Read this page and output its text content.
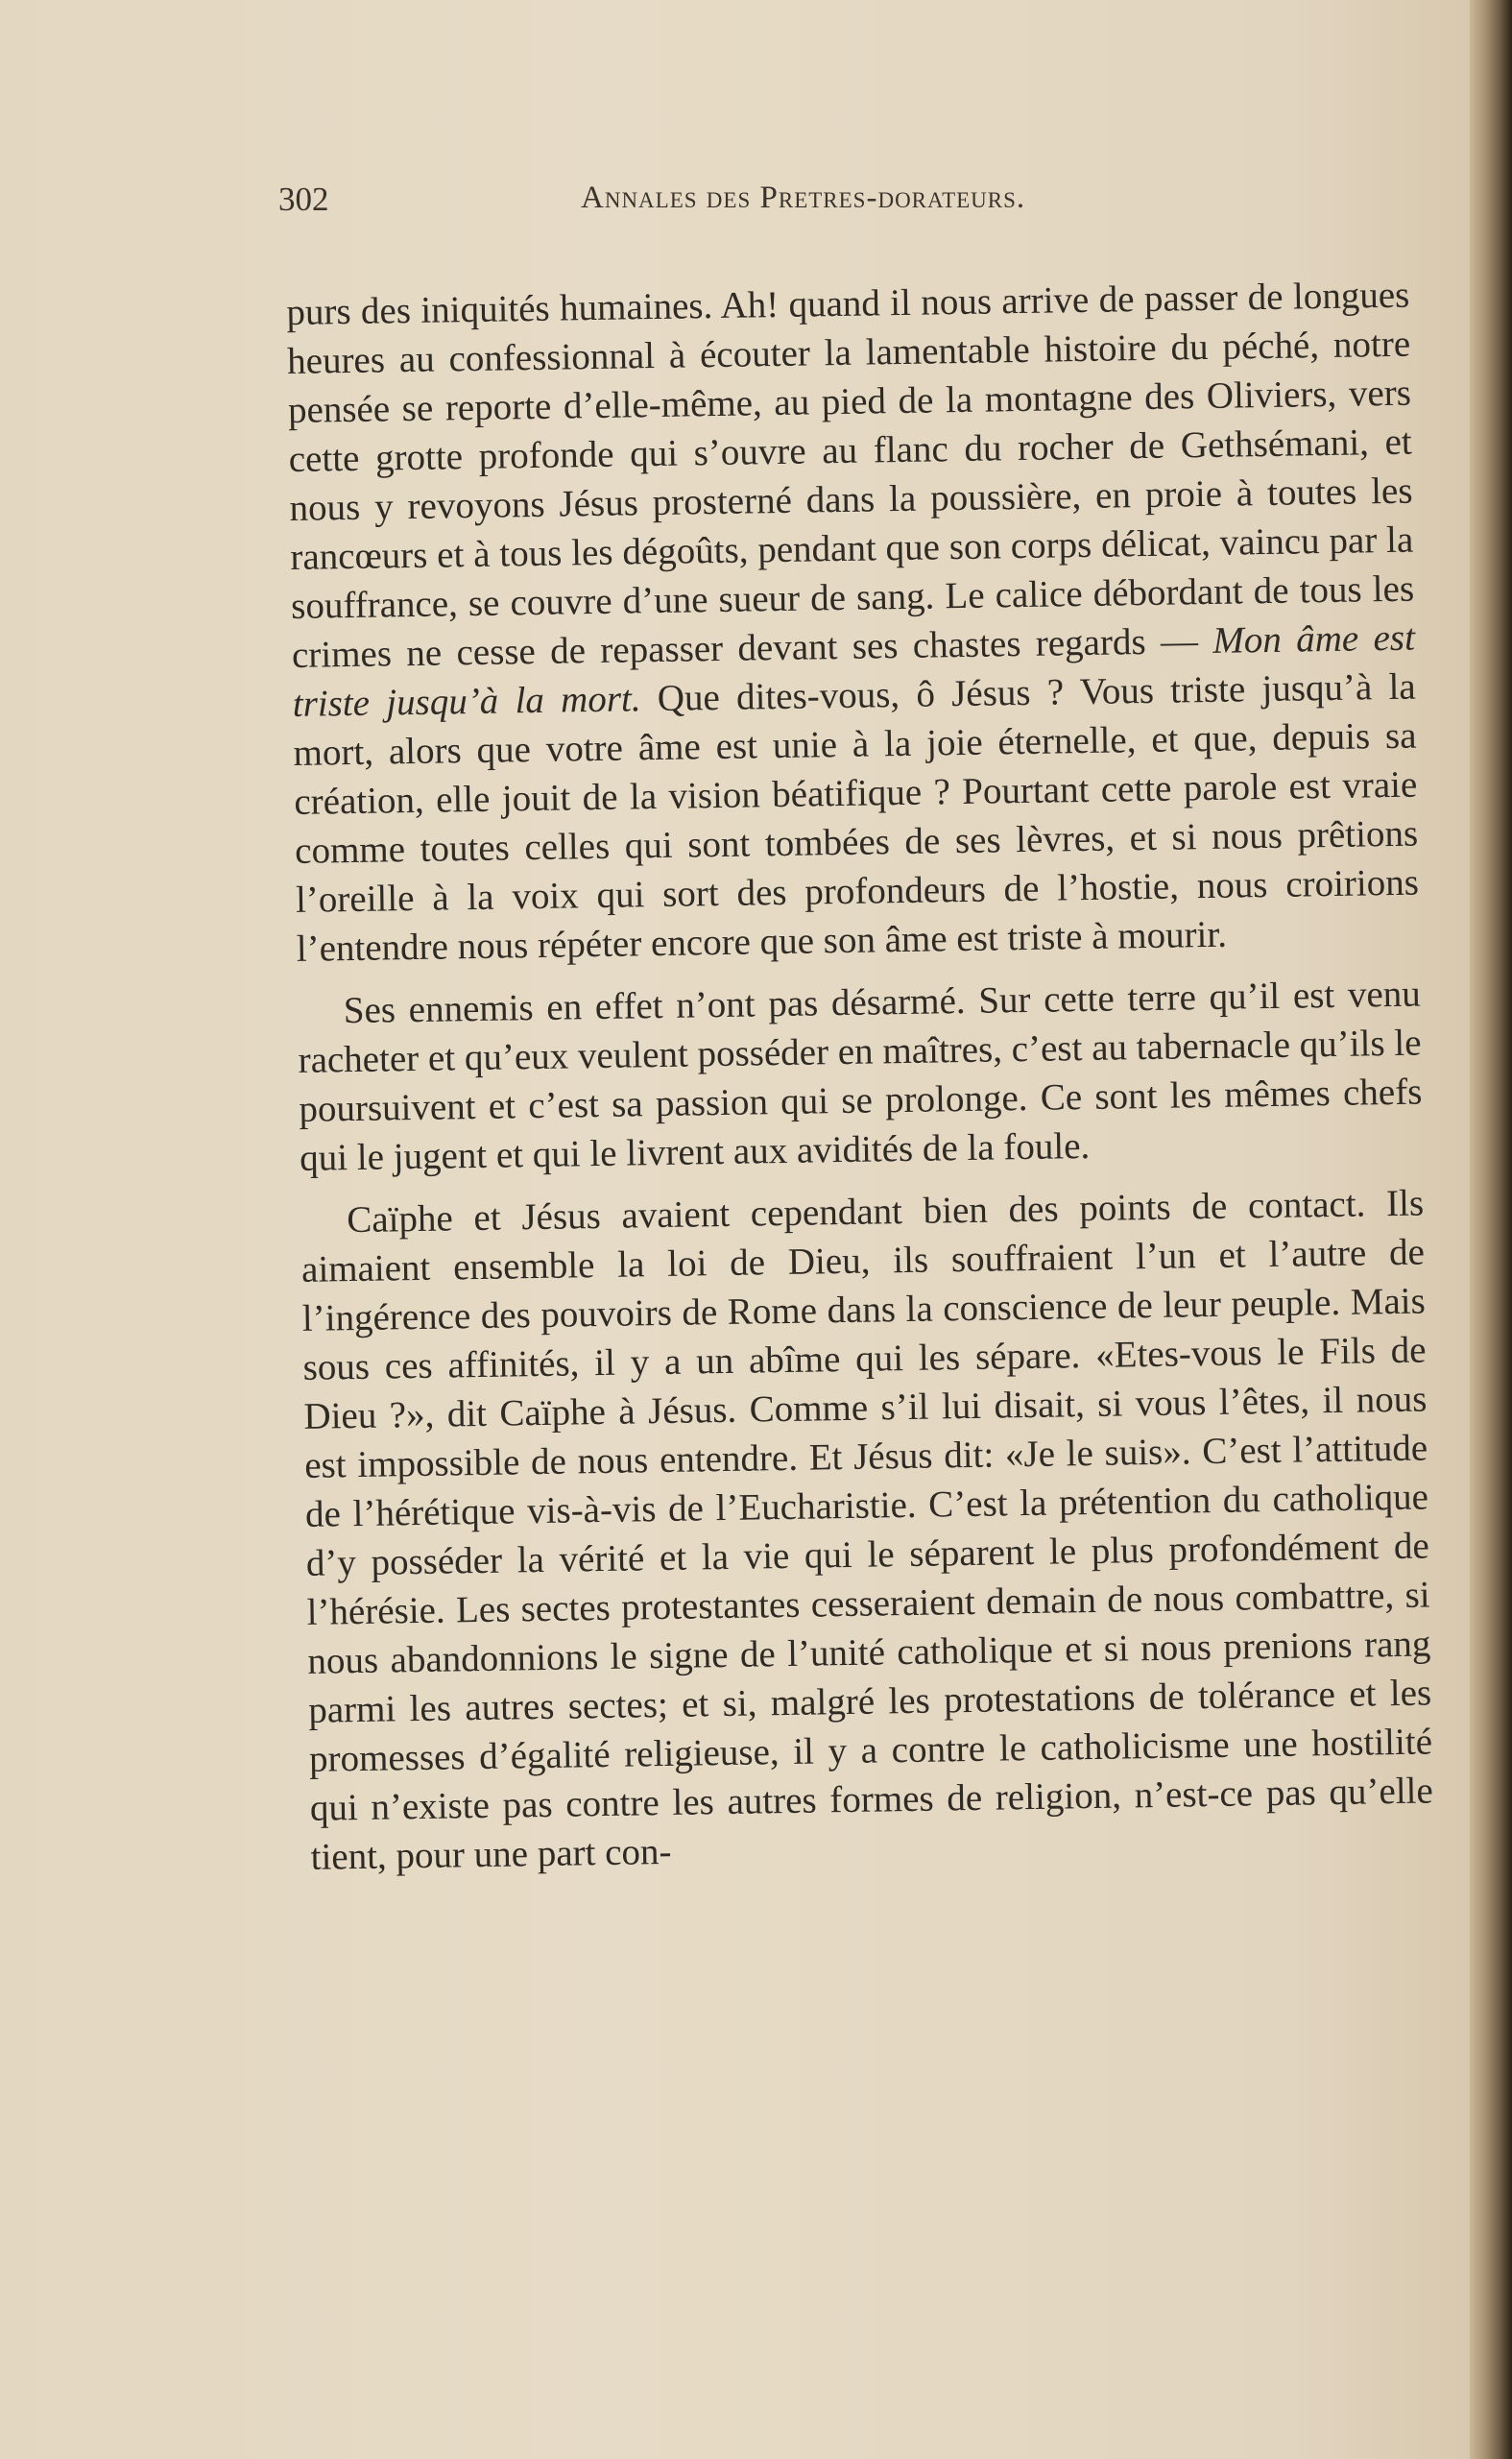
302	Annales des Pretres-dorateurs.

purs des iniquités humaines. Ah! quand il nous arrive de passer de longues heures au confessionnal à écouter la lamentable histoire du péché, notre pensée se reporte d’elle-même, au pied de la montagne des Oliviers, vers cette grotte profonde qui s’ouvre au flanc du rocher de Gethsémani, et nous y revoyons Jésus prosterné dans la poussière, en proie à toutes les rancœurs et à tous les dégoûts, pendant que son corps délicat, vaincu par la souffrance, se couvre d’une sueur de sang. Le calice débordant de tous les crimes ne cesse de repasser devant ses chastes regards — Mon âme est triste jusqu’à la mort. Que dites-vous, ô Jésus ? Vous triste jusqu’à la mort, alors que votre âme est unie à la joie éternelle, et que, depuis sa création, elle jouit de la vision béatifique ? Pourtant cette parole est vraie comme toutes celles qui sont tombées de ses lèvres, et si nous prêtions l’oreille à la voix qui sort des profondeurs de l’hostie, nous croirions l’entendre nous répéter encore que son âme est triste à mourir.

Ses ennemis en effet n’ont pas désarmé. Sur cette terre qu’il est venu racheter et qu’eux veulent posséder en maîtres, c’est au tabernacle qu’ils le poursuivent et c’est sa passion qui se prolonge. Ce sont les mêmes chefs qui le jugent et qui le livrent aux avidités de la foule.

Caïphe et Jésus avaient cependant bien des points de contact. Ils aimaient ensemble la loi de Dieu, ils souffraient l’un et l’autre de l’ingérence des pouvoirs de Rome dans la conscience de leur peuple. Mais sous ces affinités, il y a un abîme qui les sépare. «Etes-vous le Fils de Dieu ?», dit Caïphe à Jésus. Comme s’il lui disait, si vous l’êtes, il nous est impossible de nous entendre. Et Jésus dit: «Je le suis». C’est l’attitude de l’hérétique vis-à-vis de l’Eucharistie. C’est la prétention du catholique d’y posséder la vérité et la vie qui le séparent le plus profondément de l’hérésie. Les sectes protestantes cesseraient demain de nous combattre, si nous abandonnions le signe de l’unité catholique et si nous prenions rang parmi les autres sectes; et si, malgré les protestations de tolérance et les promesses d’égalité religieuse, il y a contre le catholicisme une hostilité qui n’existe pas contre les autres formes de religion, n’est-ce pas qu’elle tient, pour une part con-
